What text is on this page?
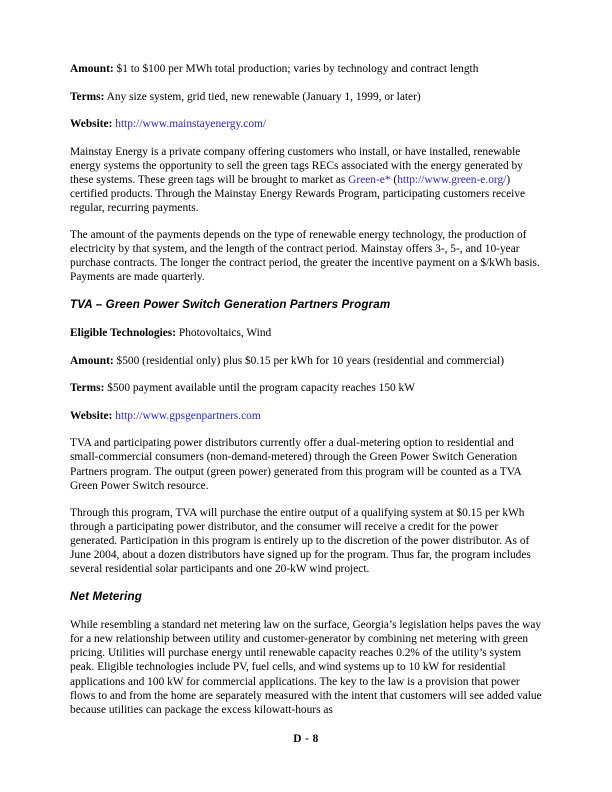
Amount: $1 to $100 per MWh total production; varies by technology and contract length
Terms: Any size system, grid tied, new renewable (January 1, 1999, or later)
Website: http://www.mainstayenergy.com/

Mainstay Energy is a private company offering customers who install, or have installed, renewable energy systems the opportunity to sell the green tags RECs associated with the energy generated by these systems. These green tags will be brought to market as Green-e* (http://www.green-e.org/) certified products. Through the Mainstay Energy Rewards Program, participating customers receive regular, recurring payments.

The amount of the payments depends on the type of renewable energy technology, the production of electricity by that system, and the length of the contract period. Mainstay offers 3-, 5-, and 10-year purchase contracts. The longer the contract period, the greater the incentive payment on a $/kWh basis. Payments are made quarterly.

TVA – Green Power Switch Generation Partners Program
Eligible Technologies: Photovoltaics, Wind
Amount: $500 (residential only) plus $0.15 per kWh for 10 years (residential and commercial)
Terms: $500 payment available until the program capacity reaches 150 kW
Website: http://www.gpsgenpartners.com

TVA and participating power distributors currently offer a dual-metering option to residential and small-commercial consumers (non-demand-metered) through the Green Power Switch Generation Partners program. The output (green power) generated from this program will be counted as a TVA Green Power Switch resource.

Through this program, TVA will purchase the entire output of a qualifying system at $0.15 per kWh through a participating power distributor, and the consumer will receive a credit for the power generated. Participation in this program is entirely up to the discretion of the power distributor. As of June 2004, about a dozen distributors have signed up for the program. Thus far, the program includes several residential solar participants and one 20-kW wind project.

Net Metering

While resembling a standard net metering law on the surface, Georgia’s legislation helps paves the way for a new relationship between utility and customer-generator by combining net metering with green pricing. Utilities will purchase energy until renewable capacity reaches 0.2% of the utility’s system peak. Eligible technologies include PV, fuel cells, and wind systems up to 10 kW for residential applications and 100 kW for commercial applications. The key to the law is a provision that power flows to and from the home are separately measured with the intent that customers will see added value because utilities can package the excess kilowatt-hours as

D - 8
